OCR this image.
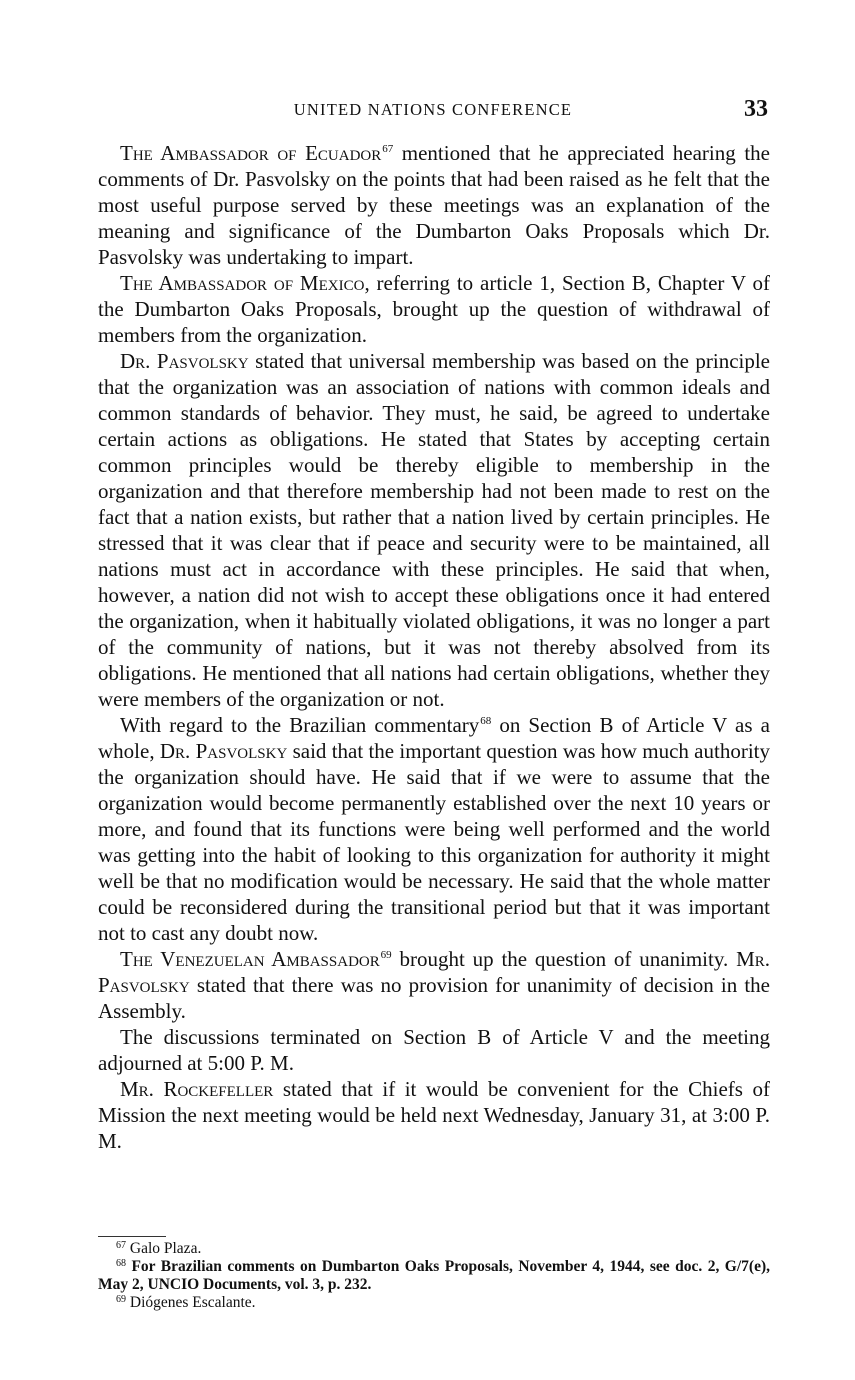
UNITED NATIONS CONFERENCE	33

The Ambassador of Ecuador $^{67}$ mentioned that he appreciated hearing the comments of Dr. Pasvolsky on the points that had been raised as he felt that the most useful purpose served by these meetings was an explanation of the meaning and significance of the Dumbarton Oaks Proposals which Dr. Pasvolsky was undertaking to impart.

The Ambassador of Mexico, referring to article 1, Section B, Chapter V of the Dumbarton Oaks Proposals, brought up the question of withdrawal of members from the organization.

Dr. Pasvolsky stated that universal membership was based on the principle that the organization was an association of nations with common ideals and common standards of behavior. They must, he said, be agreed to undertake certain actions as obligations. He stated that States by accepting certain common principles would be thereby eligible to membership in the organization and that therefore membership had not been made to rest on the fact that a nation exists, but rather that a nation lived by certain principles. He stressed that it was clear that if peace and security were to be maintained, all nations must act in accordance with these principles. He said that when, however, a nation did not wish to accept these obligations once it had entered the organization, when it habitually violated obligations, it was no longer a part of the community of nations, but it was not thereby absolved from its obligations. He mentioned that all nations had certain obligations, whether they were members of the organization or not.

With regard to the Brazilian commentary $^{68}$ on Section B of Article V as a whole, Dr. Pasvolsky said that the important question was how much authority the organization should have. He said that if we were to assume that the organization would become permanently established over the next 10 years or more, and found that its functions were being well performed and the world was getting into the habit of looking to this organization for authority it might well be that no modification would be necessary. He said that the whole matter could be reconsidered during the transitional period but that it was important not to cast any doubt now.

The Venezuelan Ambassador $^{69}$ brought up the question of unanimity. Mr. Pasvolsky stated that there was no provision for unanimity of decision in the Assembly.

The discussions terminated on Section B of Article V and the meeting adjourned at 5:00 P. M.

Mr. Rockefeller stated that if it would be convenient for the Chiefs of Mission the next meeting would be held next Wednesday, January 31, at 3:00 P. M.

$^{67}$ Galo Plaza.

$^{68}$ For Brazilian comments on Dumbarton Oaks Proposals, November 4, 1944, see doc. 2, G/7(e), May 2, UNCIO Documents, vol. 3, p. 232.

$^{69}$ Diógenes Escalante.
